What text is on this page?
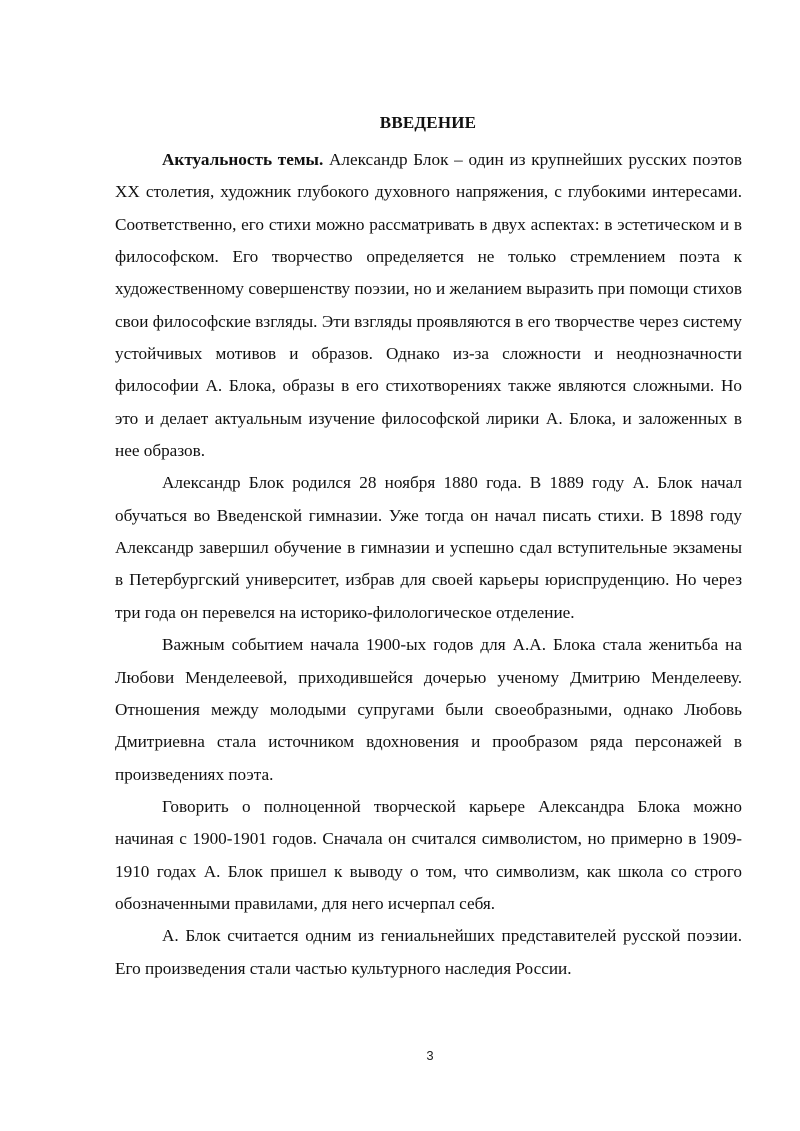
ВВЕДЕНИЕ

Актуальность темы. Александр Блок – один из крупнейших русских поэтов XX столетия, художник глубокого духовного напряжения, с глубокими интересами. Соответственно, его стихи можно рассматривать в двух аспектах: в эстетическом и в философском. Его творчество определяется не только стремлением поэта к художественному совершенству поэзии, но и желанием выразить при помощи стихов свои философские взгляды. Эти взгляды проявляются в его творчестве через систему устойчивых мотивов и образов. Однако из-за сложности и неоднозначности философии А. Блока, образы в его стихотворениях также являются сложными. Но это и делает актуальным изучение философской лирики А. Блока, и заложенных в нее образов.

Александр Блок родился 28 ноября 1880 года. В 1889 году А. Блок начал обучаться во Введенской гимназии. Уже тогда он начал писать стихи. В 1898 году Александр завершил обучение в гимназии и успешно сдал вступительные экзамены в Петербургский университет, избрав для своей карьеры юриспруденцию. Но через три года он перевелся на историко-филологическое отделение.

Важным событием начала 1900-ых годов для А.А. Блока стала женитьба на Любови Менделеевой, приходившейся дочерью ученому Дмитрию Менделееву. Отношения между молодыми супругами были своеобразными, однако Любовь Дмитриевна стала источником вдохновения и прообразом ряда персонажей в произведениях поэта.

Говорить о полноценной творческой карьере Александра Блока можно начиная с 1900-1901 годов. Сначала он считался символистом, но примерно в 1909-1910 годах А. Блок пришел к выводу о том, что символизм, как школа со строго обозначенными правилами, для него исчерпал себя.

А. Блок считается одним из гениальнейших представителей русской поэзии. Его произведения стали частью культурного наследия России.

3
